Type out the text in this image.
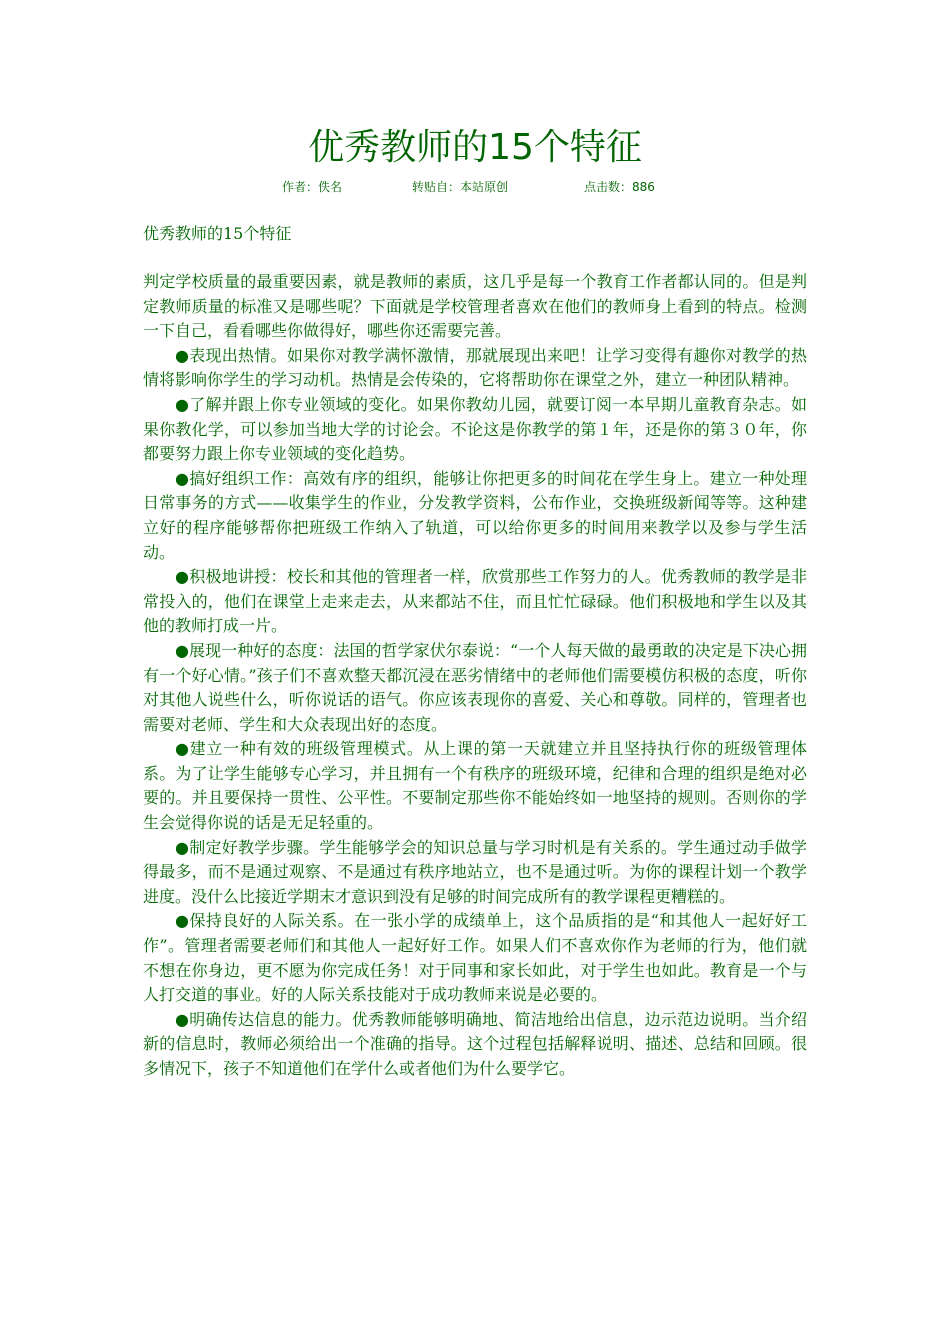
优秀教师的15个特征
作者：佚名	转贴自：本站原创	点击数：886
优秀教师的15个特征

判定学校质量的最重要因素，就是教师的素质，这几乎是每一个教育工作者都认同的。但是判定教师质量的标准又是哪些呢？下面就是学校管理者喜欢在他们的教师身上看到的特点。检测一下自己，看看哪些你做得好，哪些你还需要完善。

●表现出热情。如果你对教学满怀激情，那就展现出来吧！让学习变得有趣你对教学的热情将影响你学生的学习动机。热情是会传染的，它将帮助你在课堂之外，建立一种团队精神。

●了解并跟上你专业领域的变化。如果你教幼儿园，就要订阅一本早期儿童教育杂志。如果你教化学，可以参加当地大学的讨论会。不论这是你教学的第１年，还是你的第３０年，你都要努力跟上你专业领域的变化趋势。

●搞好组织工作：高效有序的组织，能够让你把更多的时间花在学生身上。建立一种处理日常事务的方式——收集学生的作业，分发教学资料，公布作业，交换班级新闻等等。这种建立好的程序能够帮你把班级工作纳入了轨道，可以给你更多的时间用来教学以及参与学生活动。

●积极地讲授：校长和其他的管理者一样，欣赏那些工作努力的人。优秀教师的教学是非常投入的，他们在课堂上走来走去，从来都站不住，而且忙忙碌碌。他们积极地和学生以及其他的教师打成一片。

●展现一种好的态度：法国的哲学家伏尔泰说：“一个人每天做的最勇敢的决定是下决心拥有一个好心情。”孩子们不喜欢整天都沉浸在恶劣情绪中的老师他们需要模仿积极的态度，听你对其他人说些什么，听你说话的语气。你应该表现你的喜爱、关心和尊敬。同样的，管理者也需要对老师、学生和大众表现出好的态度。

●建立一种有效的班级管理模式。从上课的第一天就建立并且坚持执行你的班级管理体系。为了让学生能够专心学习，并且拥有一个有秩序的班级环境，纪律和合理的组织是绝对必要的。并且要保持一贯性、公平性。不要制定那些你不能始终如一地坚持的规则。否则你的学生会觉得你说的话是无足轻重的。

●制定好教学步骤。学生能够学会的知识总量与学习时机是有关系的。学生通过动手做学得最多，而不是通过观察、不是通过有秩序地站立，也不是通过听。为你的课程计划一个教学进度。没什么比接近学期末才意识到没有足够的时间完成所有的教学课程更糟糕的。

●保持良好的人际关系。在一张小学的成绩单上，这个品质指的是“和其他人一起好好工作”。管理者需要老师们和其他人一起好好工作。如果人们不喜欢你作为老师的行为，他们就不想在你身边，更不愿为你完成任务！对于同事和家长如此，对于学生也如此。教育是一个与人打交道的事业。好的人际关系技能对于成功教师来说是必要的。

●明确传达信息的能力。优秀教师能够明确地、简洁地给出信息，边示范边说明。当介绍新的信息时，教师必须给出一个准确的指导。这个过程包括解释说明、描述、总结和回顾。很多情况下，孩子不知道他们在学什么或者他们为什么要学它。
